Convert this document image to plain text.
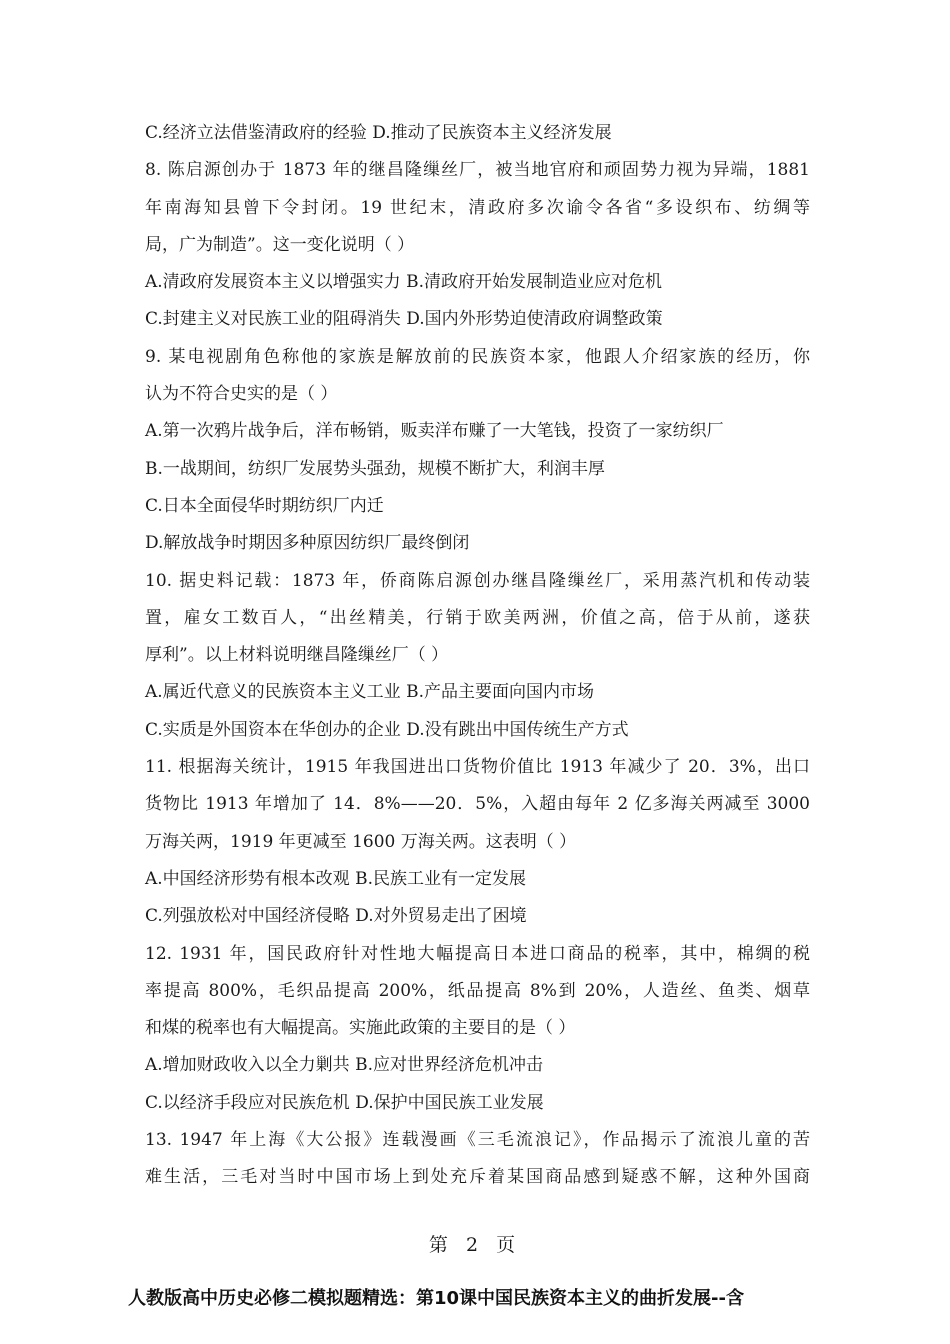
C.经济立法借鉴清政府的经验 D.推动了民族资本主义经济发展
8. 陈启源创办于 1873 年的继昌隆缫丝厂，被当地官府和顽固势力视为异端，1881
年南海知县曾下令封闭。19 世纪末，清政府多次谕令各省“多设织布、纺绸等
局，广为制造”。这一变化说明（ ）
A.清政府发展资本主义以增强实力 B.清政府开始发展制造业应对危机
C.封建主义对民族工业的阻碍消失 D.国内外形势迫使清政府调整政策
9. 某电视剧角色称他的家族是解放前的民族资本家，他跟人介绍家族的经历，你
认为不符合史实的是（ ）
A.第一次鸦片战争后，洋布畅销，贩卖洋布赚了一大笔钱，投资了一家纺织厂
B.一战期间，纺织厂发展势头强劲，规模不断扩大，利润丰厚
C.日本全面侵华时期纺织厂内迁
D.解放战争时期因多种原因纺织厂最终倒闭
10. 据史料记载：1873 年，侨商陈启源创办继昌隆缫丝厂，采用蒸汽机和传动装
置，雇女工数百人，“出丝精美，行销于欧美两洲，价值之高，倍于从前，遂获
厚利”。以上材料说明继昌隆缫丝厂（ ）
A.属近代意义的民族资本主义工业 B.产品主要面向国内市场
C.实质是外国资本在华创办的企业 D.没有跳出中国传统生产方式
11. 根据海关统计，1915 年我国进出口货物价值比 1913 年减少了 20．3%，出口
货物比 1913 年增加了 14．8%——20．5%，入超由每年 2 亿多海关两减至 3000
万海关两，1919 年更减至 1600 万海关两。这表明（ ）
A.中国经济形势有根本改观 B.民族工业有一定发展
C.列强放松对中国经济侵略 D.对外贸易走出了困境
12. 1931 年，国民政府针对性地大幅提高日本进口商品的税率，其中，棉绸的税
率提高 800%，毛织品提高 200%，纸品提高 8%到 20%，人造丝、鱼类、烟草
和煤的税率也有大幅提高。实施此政策的主要目的是（ ）
A.增加财政收入以全力剿共 B.应对世界经济危机冲击
C.以经济手段应对民族危机 D.保护中国民族工业发展
13. 1947 年上海《大公报》连载漫画《三毛流浪记》，作品揭示了流浪儿童的苦
难生活，三毛对当时中国市场上到处充斥着某国商品感到疑惑不解，这种外国商
第 2 页
人教版高中历史必修二模拟题精选：第10课中国民族资本主义的曲折发展--含
